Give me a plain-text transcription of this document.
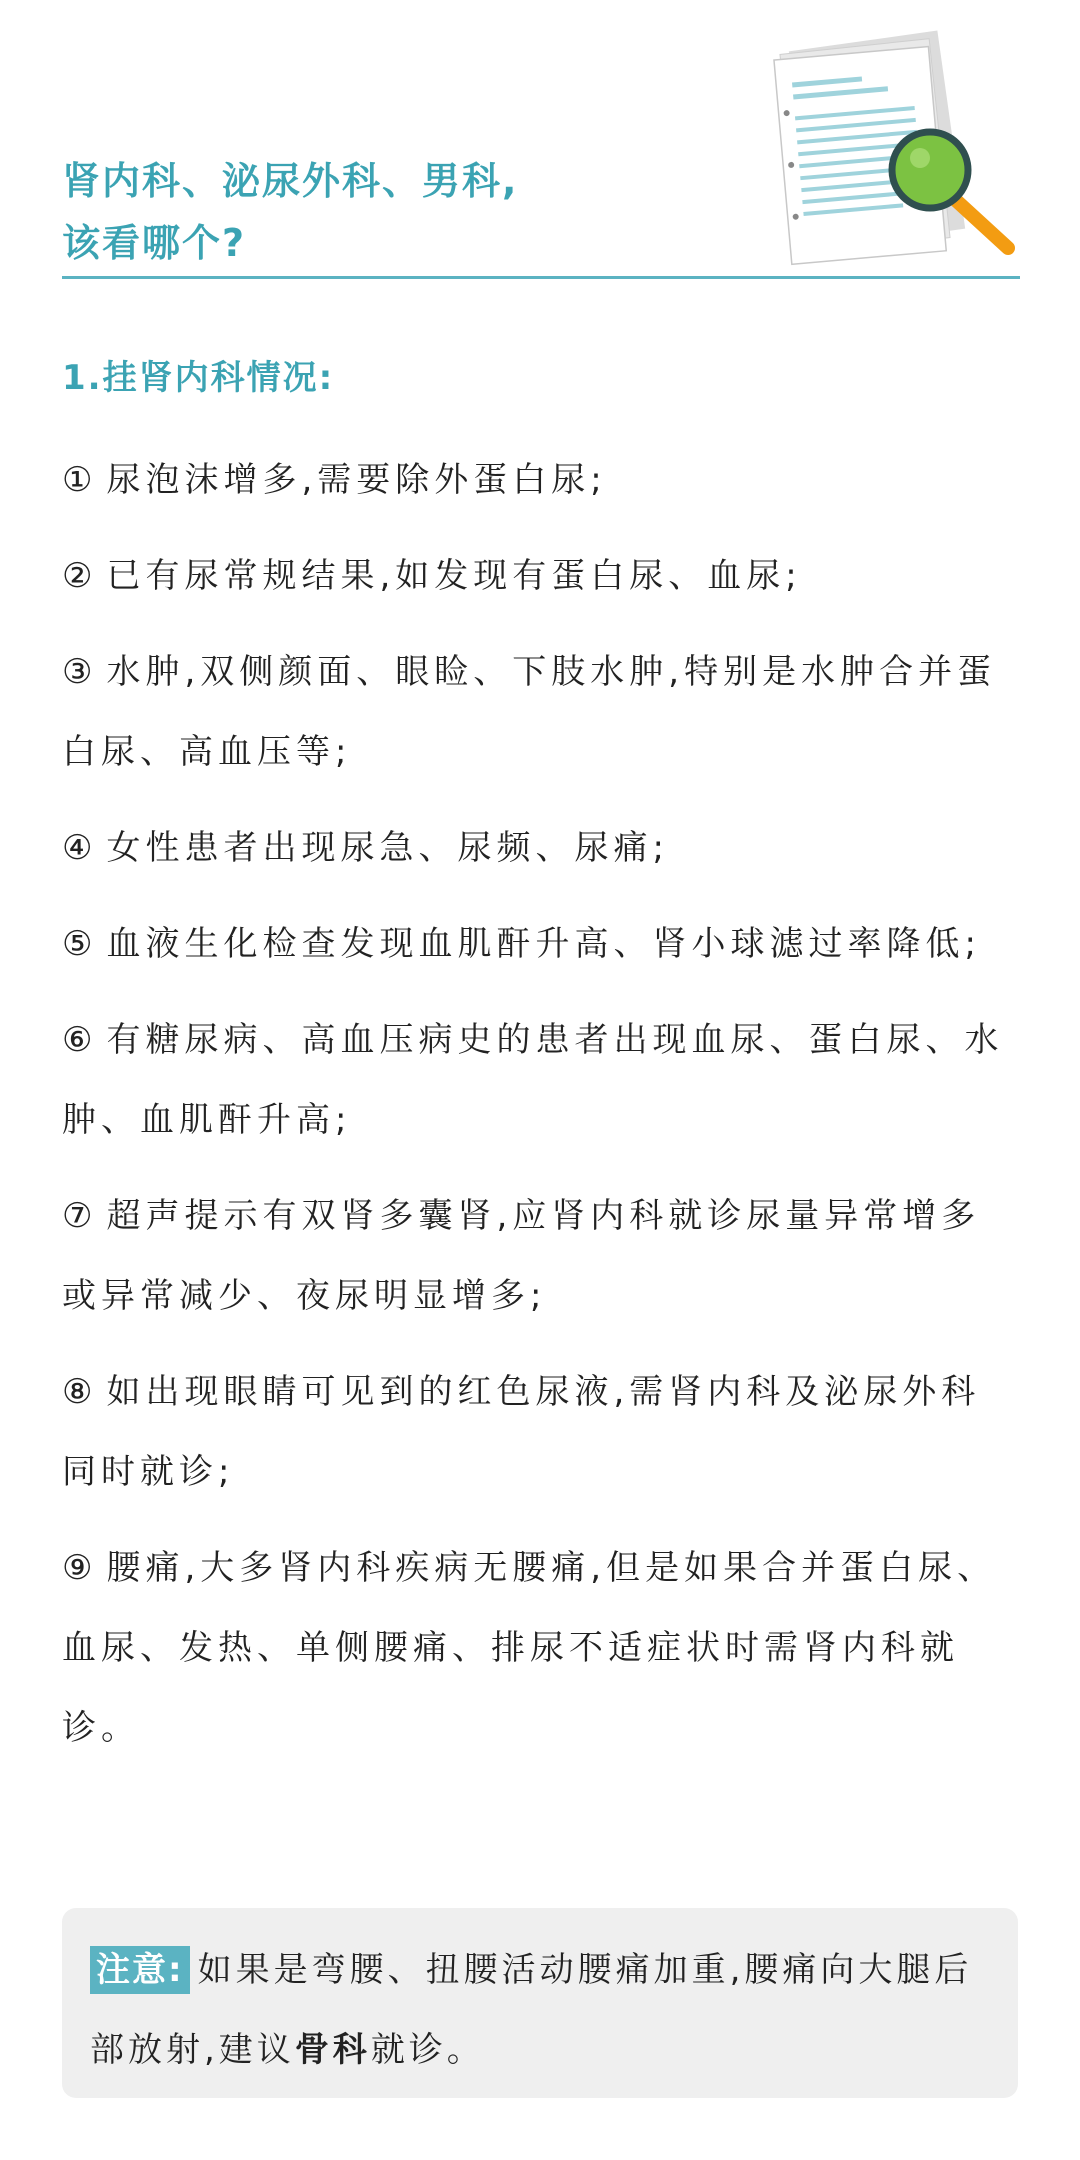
肾内科、泌尿外科、男科,
该看哪个?
1.挂肾内科情况:
① 尿泡沫增多,需要除外蛋白尿;
② 已有尿常规结果,如发现有蛋白尿、血尿;
③ 水肿,双侧颜面、眼睑、下肢水肿,特别是水肿合并蛋白尿、高血压等;
④ 女性患者出现尿急、尿频、尿痛;
⑤ 血液生化检查发现血肌酐升高、肾小球滤过率降低;
⑥ 有糖尿病、高血压病史的患者出现血尿、蛋白尿、水肿、血肌酐升高;
⑦ 超声提示有双肾多囊肾,应肾内科就诊尿量异常增多或异常减少、夜尿明显增多;
⑧ 如出现眼睛可见到的红色尿液,需肾内科及泌尿外科同时就诊;
⑨ 腰痛,大多肾内科疾病无腰痛,但是如果合并蛋白尿、血尿、发热、单侧腰痛、排尿不适症状时需肾内科就诊。
注意: 如果是弯腰、扭腰活动腰痛加重,腰痛向大腿后部放射,建议骨科就诊。
